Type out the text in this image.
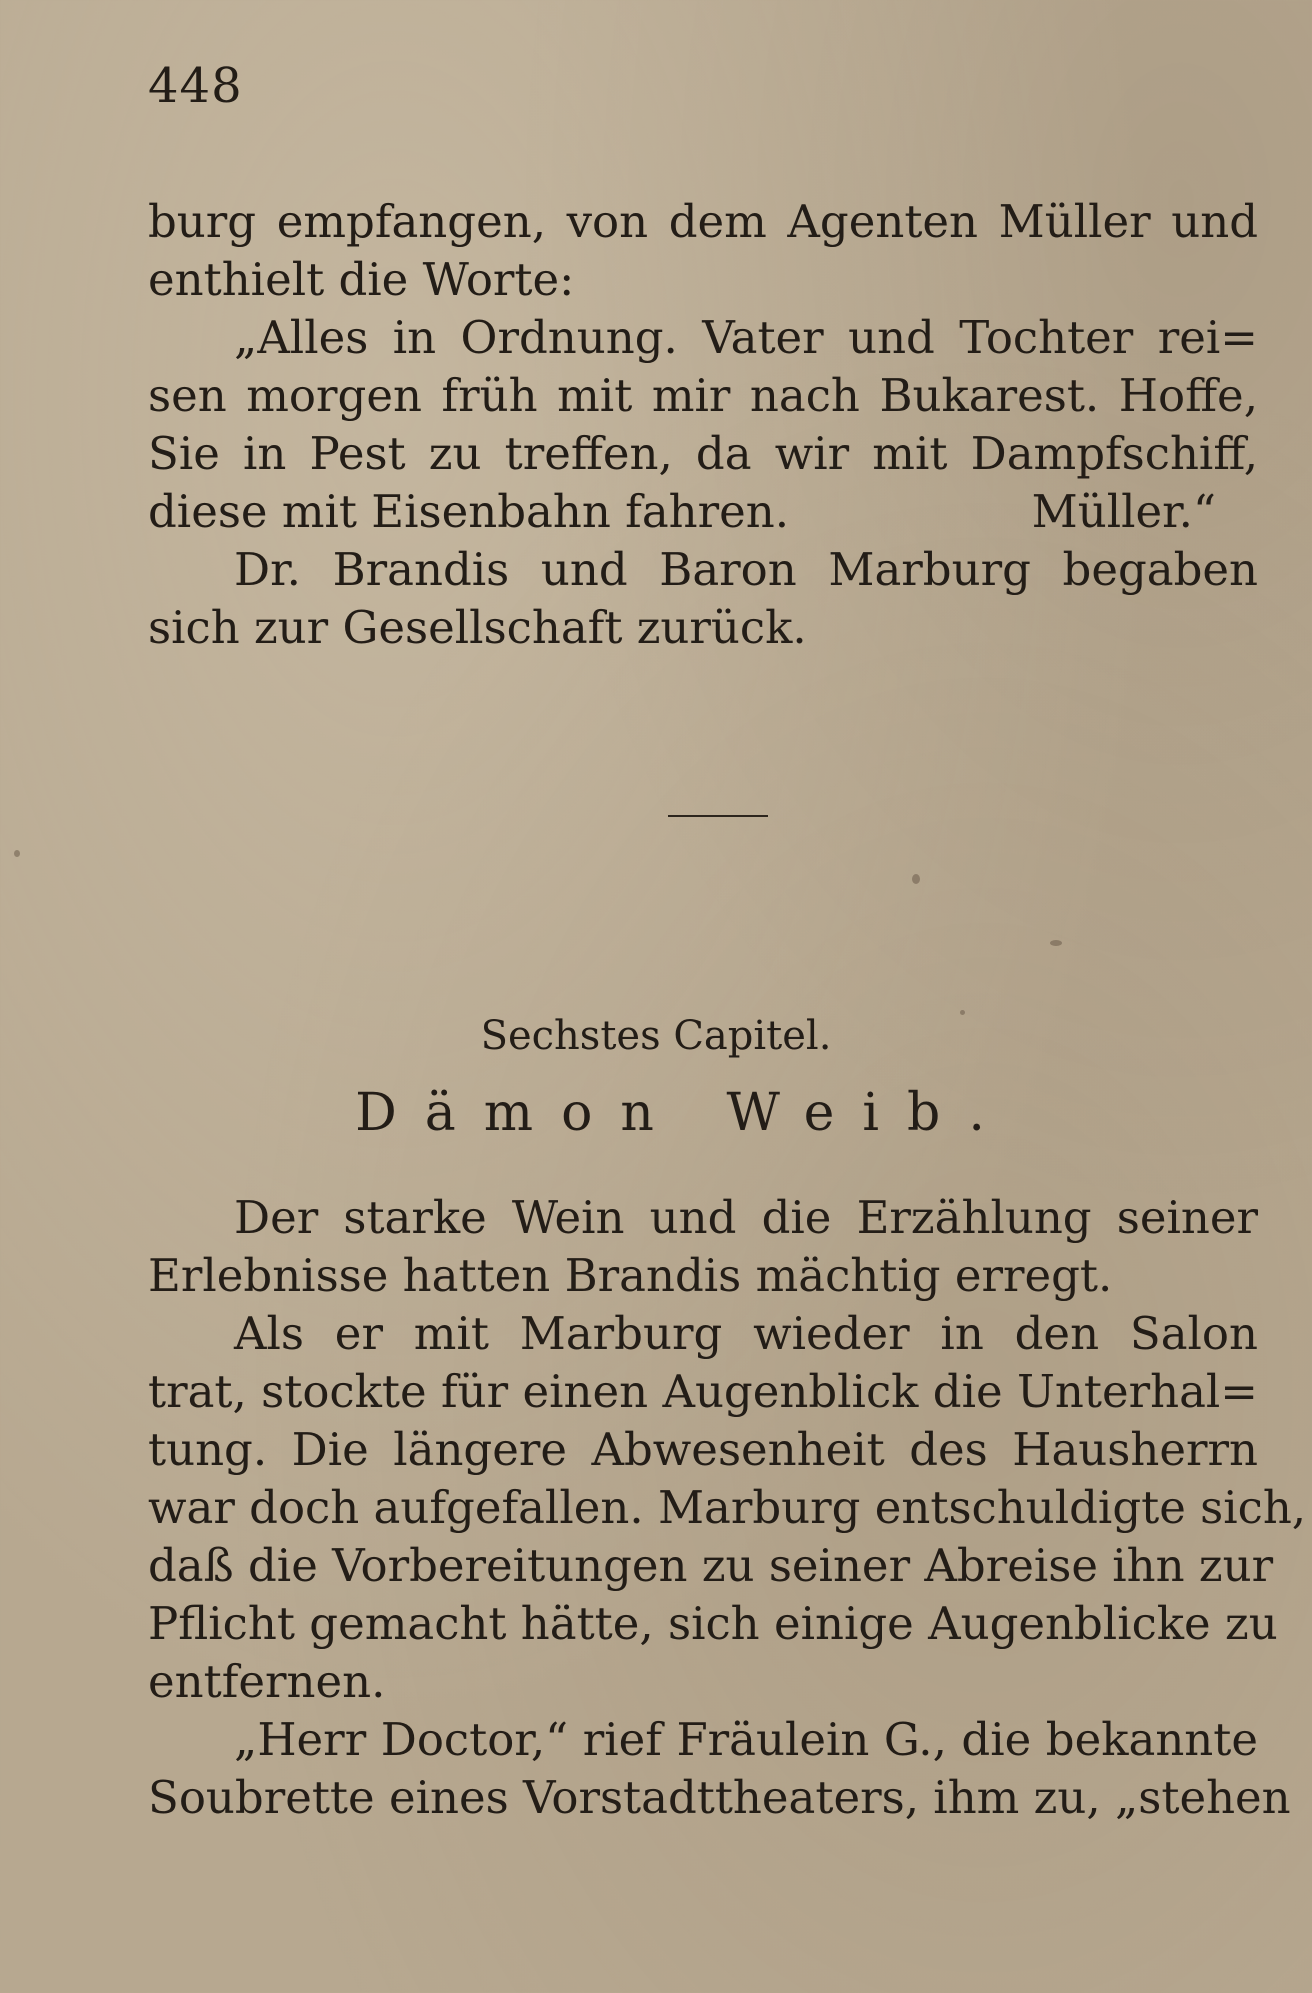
448
burg empfangen, von dem Agenten Müller und
enthielt die Worte:
„Alles in Ordnung. Vater und Tochter rei=
sen morgen früh mit mir nach Bukarest. Hoffe,
Sie in Pest zu treffen, da wir mit Dampfschiff,
diese mit Eisenbahn fahren.	Müller.“
Dr. Brandis und Baron Marburg begaben
sich zur Gesellschaft zurück.
Sechstes Capitel.
Dämon Weib.
Der starke Wein und die Erzählung seiner
Erlebnisse hatten Brandis mächtig erregt.
Als er mit Marburg wieder in den Salon
trat, stockte für einen Augenblick die Unterhal=
tung. Die längere Abwesenheit des Hausherrn
war doch aufgefallen. Marburg entschuldigte sich,
daß die Vorbereitungen zu seiner Abreise ihn zur
Pflicht gemacht hätte, sich einige Augenblicke zu
entfernen.
„Herr Doctor,“ rief Fräulein G., die bekannte
Soubrette eines Vorstadttheaters, ihm zu, „stehen
